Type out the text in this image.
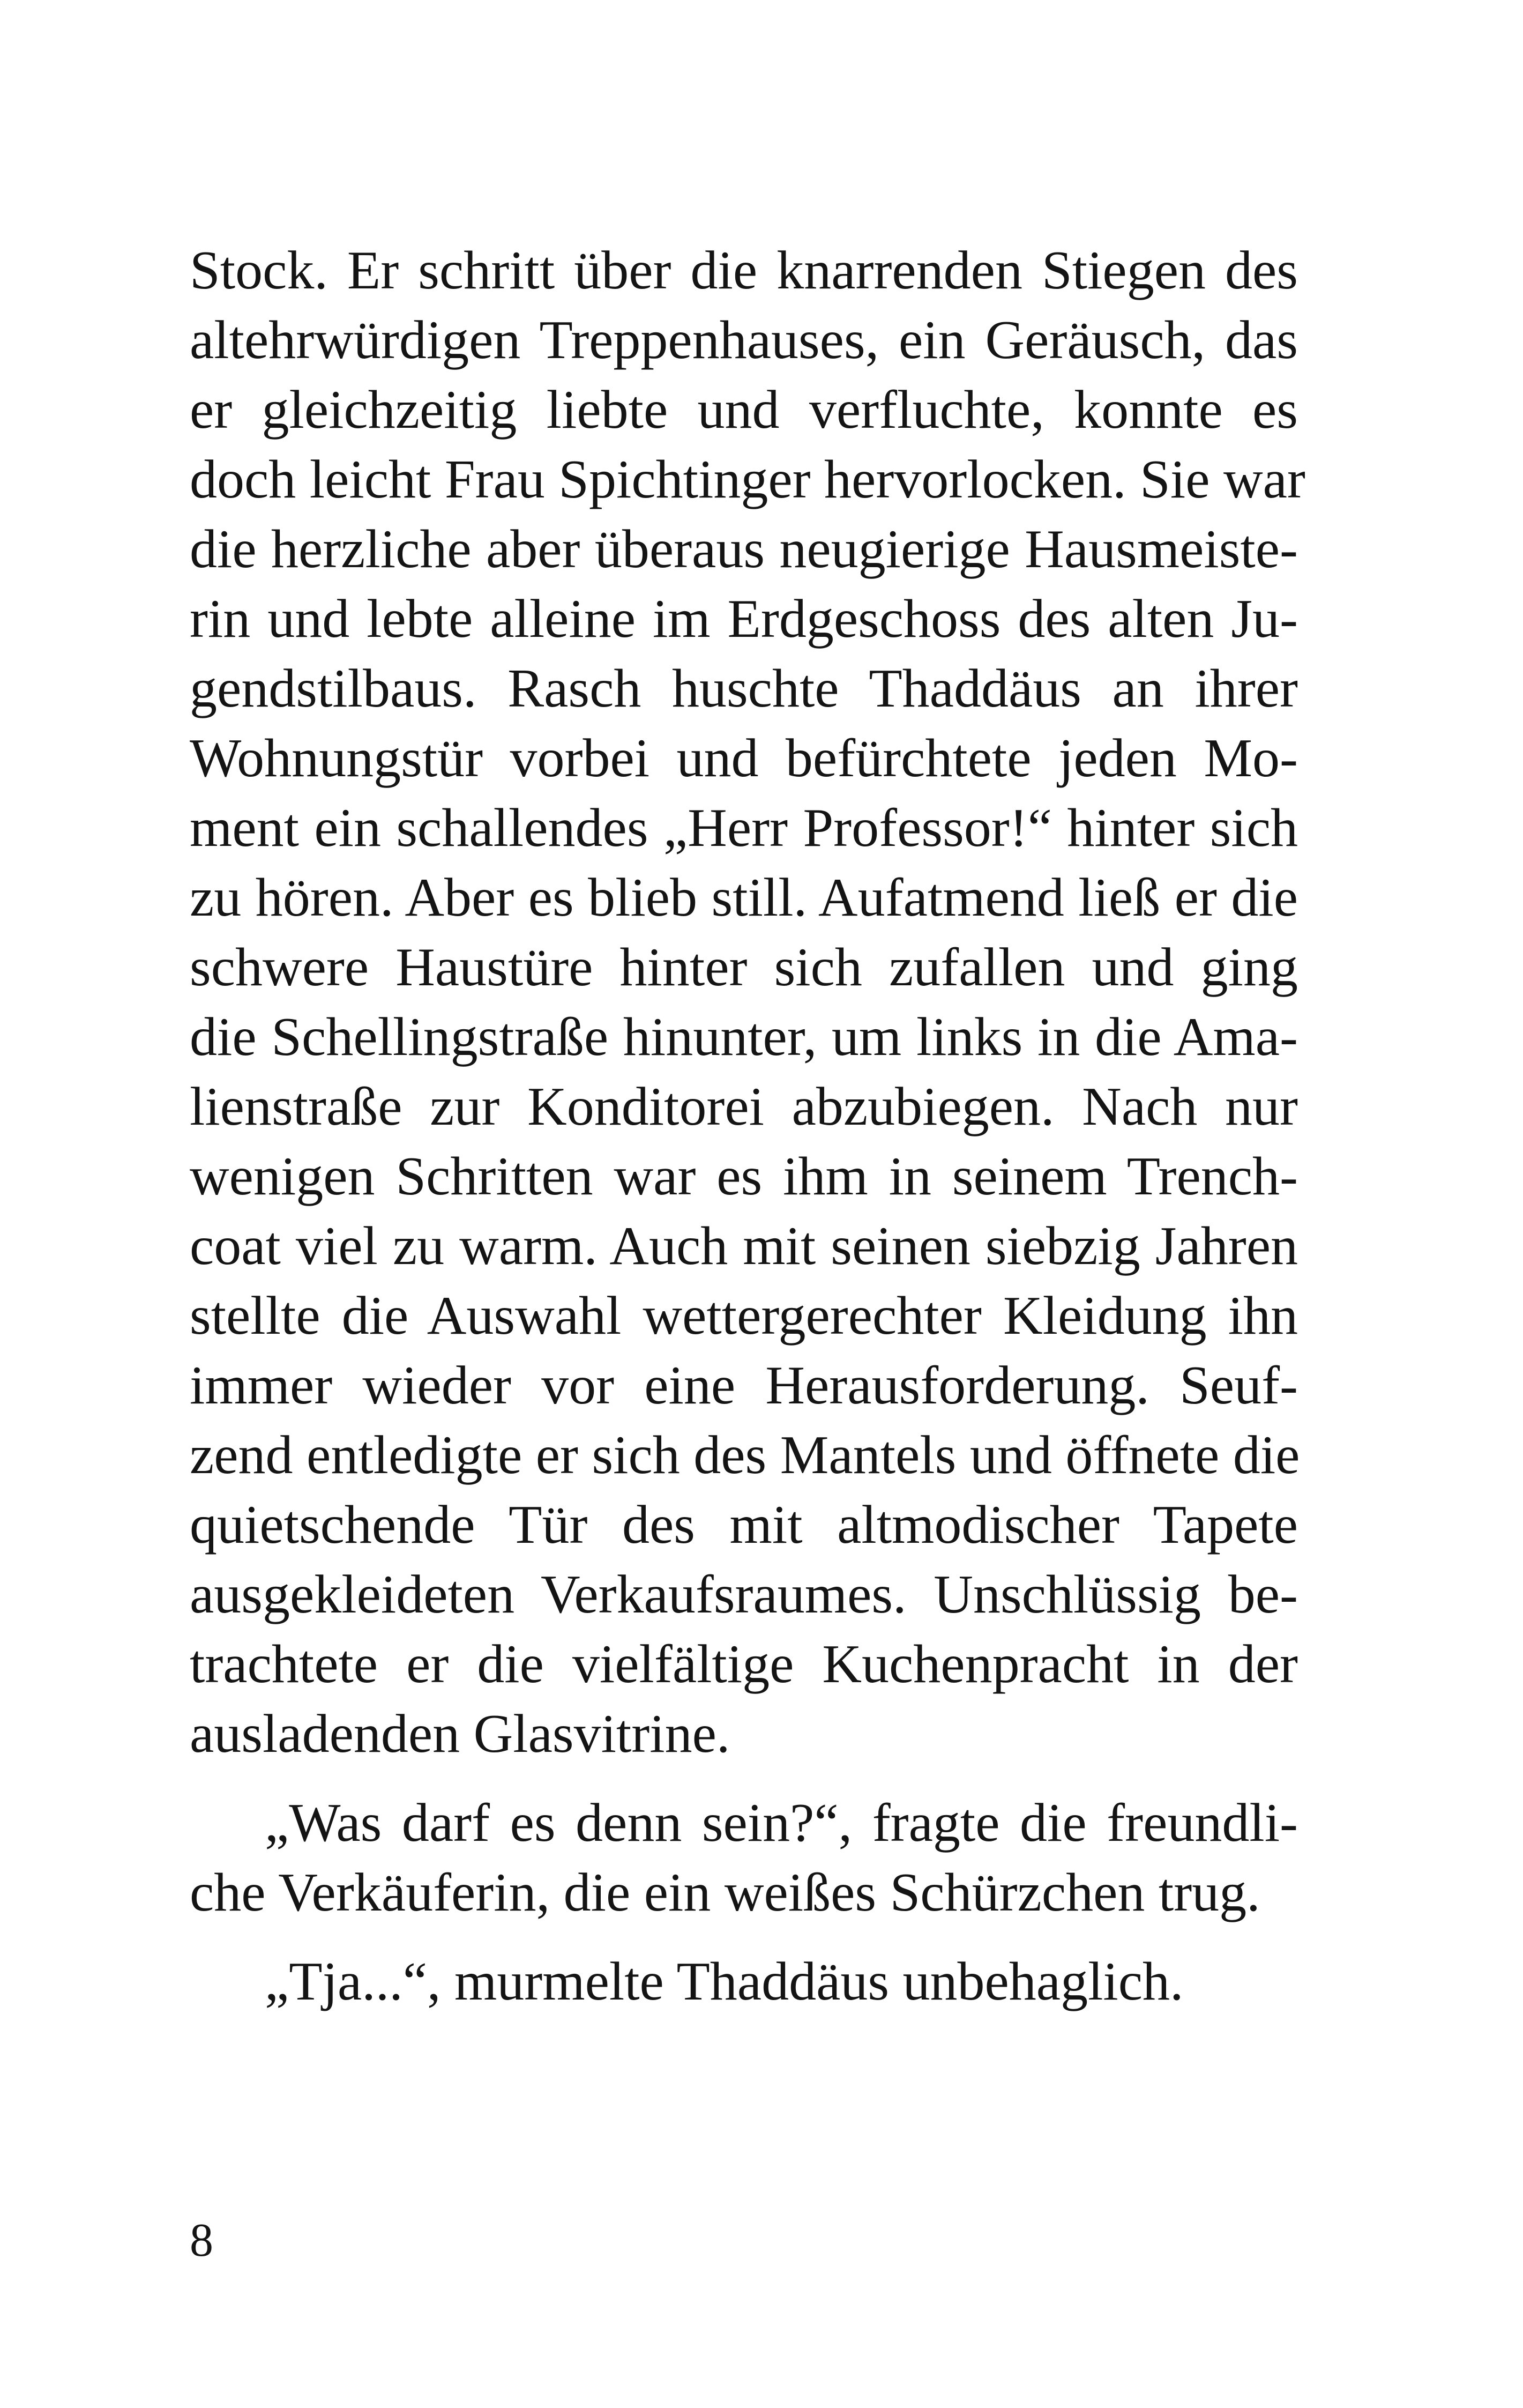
Stock. Er schritt über die knarrenden Stiegen des
altehrwürdigen Treppenhauses, ein Geräusch, das
er gleichzeitig liebte und verfluchte, konnte es
doch leicht Frau Spichtinger hervorlocken. Sie war
die herzliche aber überaus neugierige Hausmeiste-
rin und lebte alleine im Erdgeschoss des alten Ju-
gendstilbaus. Rasch huschte Thaddäus an ihrer
Wohnungstür vorbei und befürchtete jeden Mo-
ment ein schallendes „Herr Professor!“ hinter sich
zu hören. Aber es blieb still. Aufatmend ließ er die
schwere Haustüre hinter sich zufallen und ging
die Schellingstraße hinunter, um links in die Ama-
lienstraße zur Konditorei abzubiegen. Nach nur
wenigen Schritten war es ihm in seinem Trench-
coat viel zu warm. Auch mit seinen siebzig Jahren
stellte die Auswahl wettergerechter Kleidung ihn
immer wieder vor eine Herausforderung. Seuf-
zend entledigte er sich des Mantels und öffnete die
quietschende Tür des mit altmodischer Tapete
ausgekleideten Verkaufsraumes. Unschlüssig be-
trachtete er die vielfältige Kuchenpracht in der
ausladenden Glasvitrine.
„Was darf es denn sein?“, fragte die freundli-
che Verkäuferin, die ein weißes Schürzchen trug.
„Tja...“, murmelte Thaddäus unbehaglich.
8
